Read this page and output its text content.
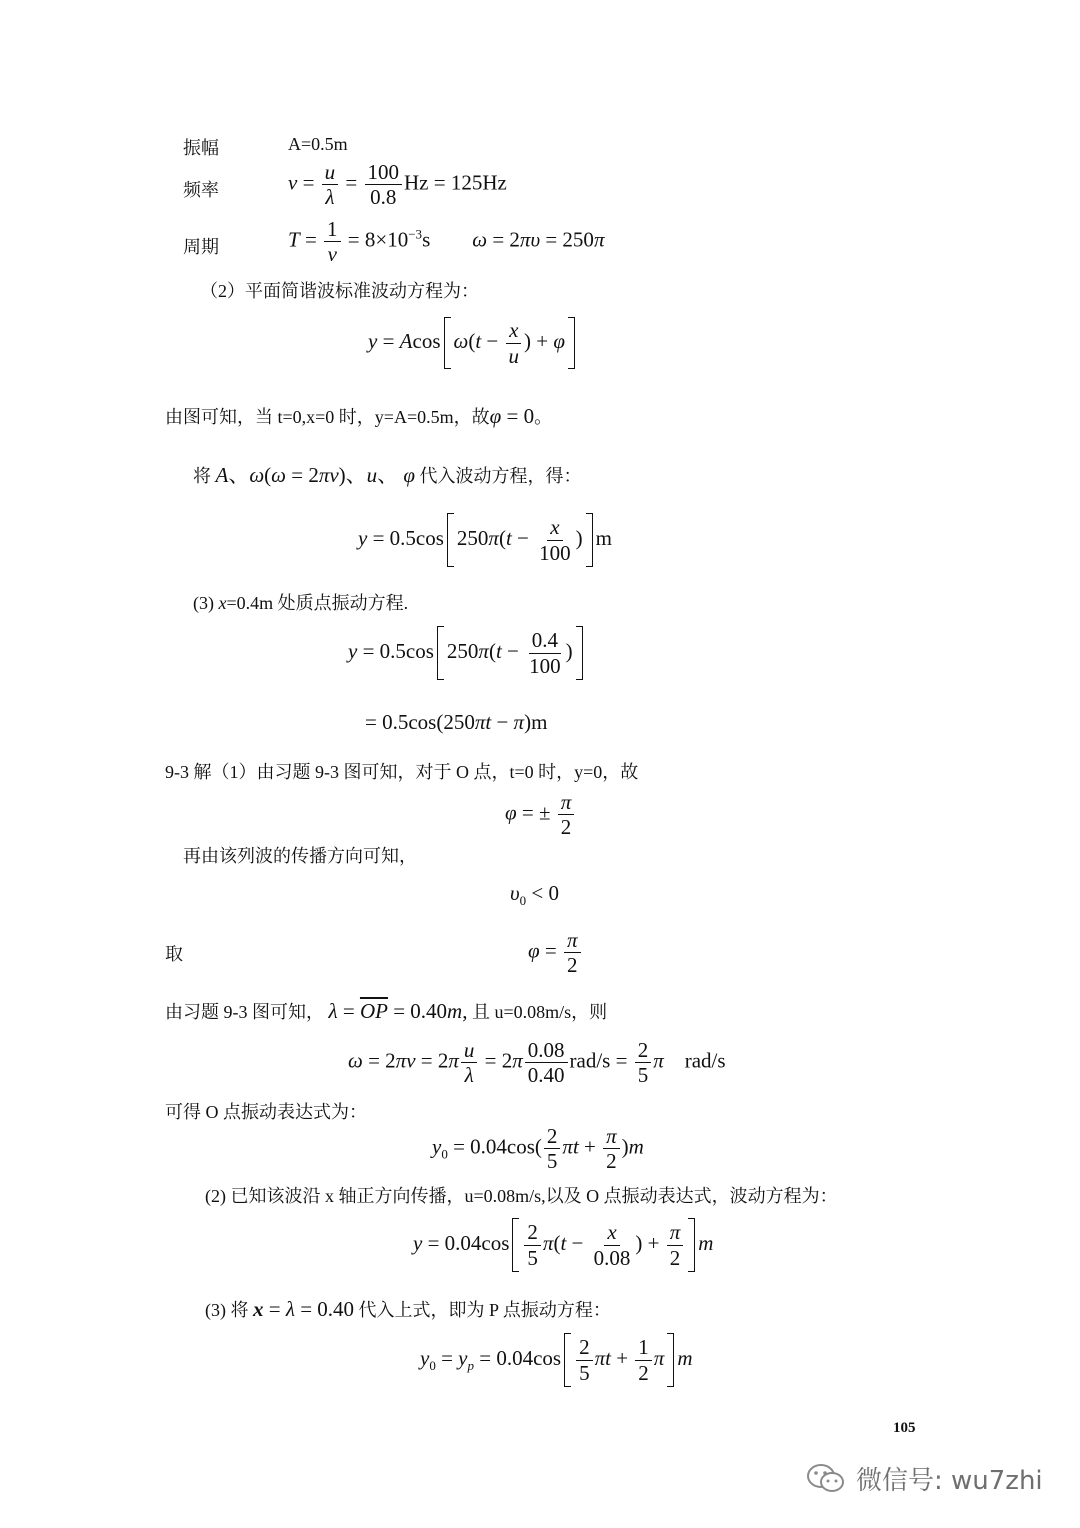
振幅	A=0.5m
频率	$v = \frac{u}{\lambda} = \frac{100}{0.8}$ Hz = 125Hz
周期	$T = \frac{1}{v} = 8\times 10^{-3}s$        ω = 2πυ = 250π
（2）平面简谐波标准波动方程为：
y = Acos $\omega(t - \frac{x}{u}$ ) + φ
由图可知，当 t=0,x=0 时，y=A=0.5m，故φ = 0。
将 A、ω(ω = 2πv)、u、 φ 代入波动方程，得：
y = 0.5cos $250\pi(t - \frac{x}{100}$ ) m
(3) x=0.4m 处质点振动方程.
y = 0.5cos $250\pi(t - \frac{0.4}{100}$ )
= 0.5cos(250πt − π)m
9-3 解（1）由习题 9-3 图可知，对于 O 点，t=0 时，y=0，故
φ = ± $\frac{\pi}{2}$
再由该列波的传播方向可知，
$\upsilon_0 < 0$
取	$\varphi = \frac{\pi}{2}$
由习题 9-3 图可知， $\lambda = \overline{OP} = 0.40m$, 且 u=0.08m/s，则
$\omega = 2\pi v = 2\pi \frac{u}{\lambda} = 2\pi \frac{0.08}{0.40} rad/s = \frac{2}{5}$ π    rad/s
可得 O 点振动表达式为：
$y_0 = 0.04\cos( \frac{2}{5}$ $\pi t + \frac{\pi}{2} )m$
(2) 已知该波沿 x 轴正方向传播，u=0.08m/s,以及 O 点振动表达式，波动方程为：
$y = 0.04\cos \frac{2}{5} \pi(t - \frac{x}{0.08}$ ) + $\frac{\pi}{2}$ m
(3) 将 x = λ = 0.40 代入上式，即为 P 点振动方程：
$y_0 = y_p = 0.04\cos \frac{2}{5}$ $\pi t + \frac{1}{2}$ π m
105
微信号: wu7zhi
